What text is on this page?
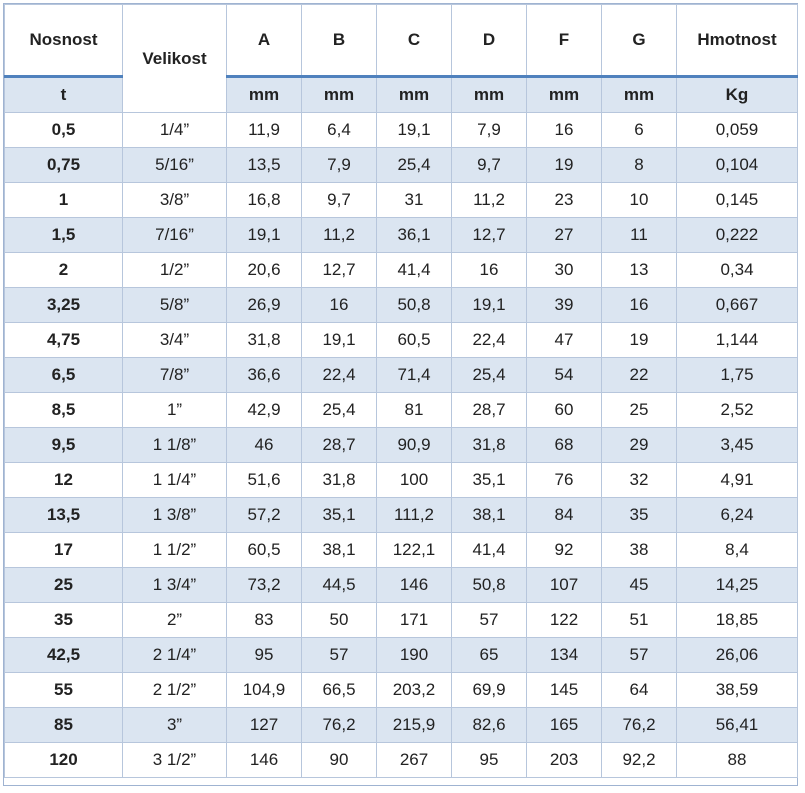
Nosnost	Velikost	A	B	C	D	F	G	Hmotnost
t		mm	mm	mm	mm	mm	mm	Kg
0,5	1/4”	11,9	6,4	19,1	7,9	16	6	0,059
0,75	5/16”	13,5	7,9	25,4	9,7	19	8	0,104
1	3/8”	16,8	9,7	31	11,2	23	10	0,145
1,5	7/16”	19,1	11,2	36,1	12,7	27	11	0,222
2	1/2”	20,6	12,7	41,4	16	30	13	0,34
3,25	5/8”	26,9	16	50,8	19,1	39	16	0,667
4,75	3/4”	31,8	19,1	60,5	22,4	47	19	1,144
6,5	7/8”	36,6	22,4	71,4	25,4	54	22	1,75
8,5	1”	42,9	25,4	81	28,7	60	25	2,52
9,5	1 1/8”	46	28,7	90,9	31,8	68	29	3,45
12	1 1/4”	51,6	31,8	100	35,1	76	32	4,91
13,5	1 3/8”	57,2	35,1	111,2	38,1	84	35	6,24
17	1 1/2”	60,5	38,1	122,1	41,4	92	38	8,4
25	1 3/4”	73,2	44,5	146	50,8	107	45	14,25
35	2”	83	50	171	57	122	51	18,85
42,5	2 1/4”	95	57	190	65	134	57	26,06
55	2 1/2”	104,9	66,5	203,2	69,9	145	64	38,59
85	3”	127	76,2	215,9	82,6	165	76,2	56,41
120	3 1/2”	146	90	267	95	203	92,2	88
